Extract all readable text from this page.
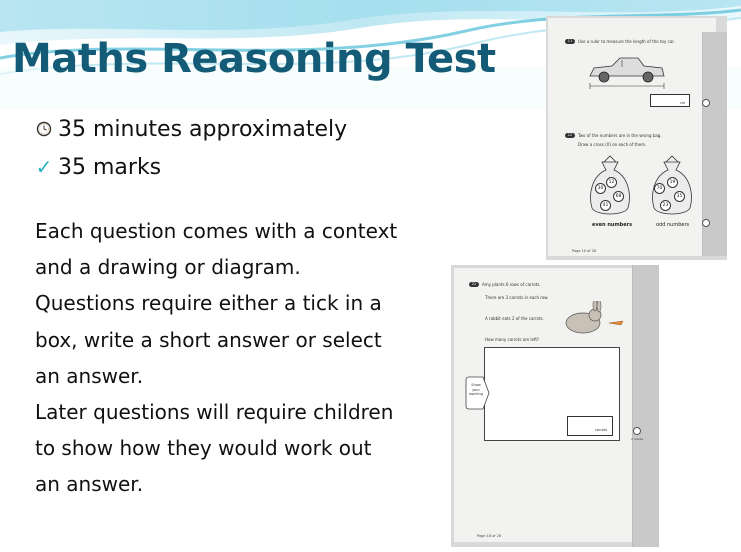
Maths Reasoning Test
35 minutes approximately
✓ 35 marks

Each question comes with a context

and a drawing or diagram.

Questions require either a tick in a

box, write a short answer or select

an answer.

Later questions will require children

to show how they would work out

an answer.

11	Use a ruler to measure the length of the toy car.
cm
12	Two of the numbers are in the wrong bag.
Draw a cross (X) on each of them.
30
12
68
41
70
19
35
23
even numbers	odd numbers
Page 10 of 28
2 marks
22	Amy plants 6 rows of carrots.
There are 3 carrots in each row.
A rabbit eats 2 of the carrots.
How many carrots are left?
Show your working
carrots
Page 18 of 28
